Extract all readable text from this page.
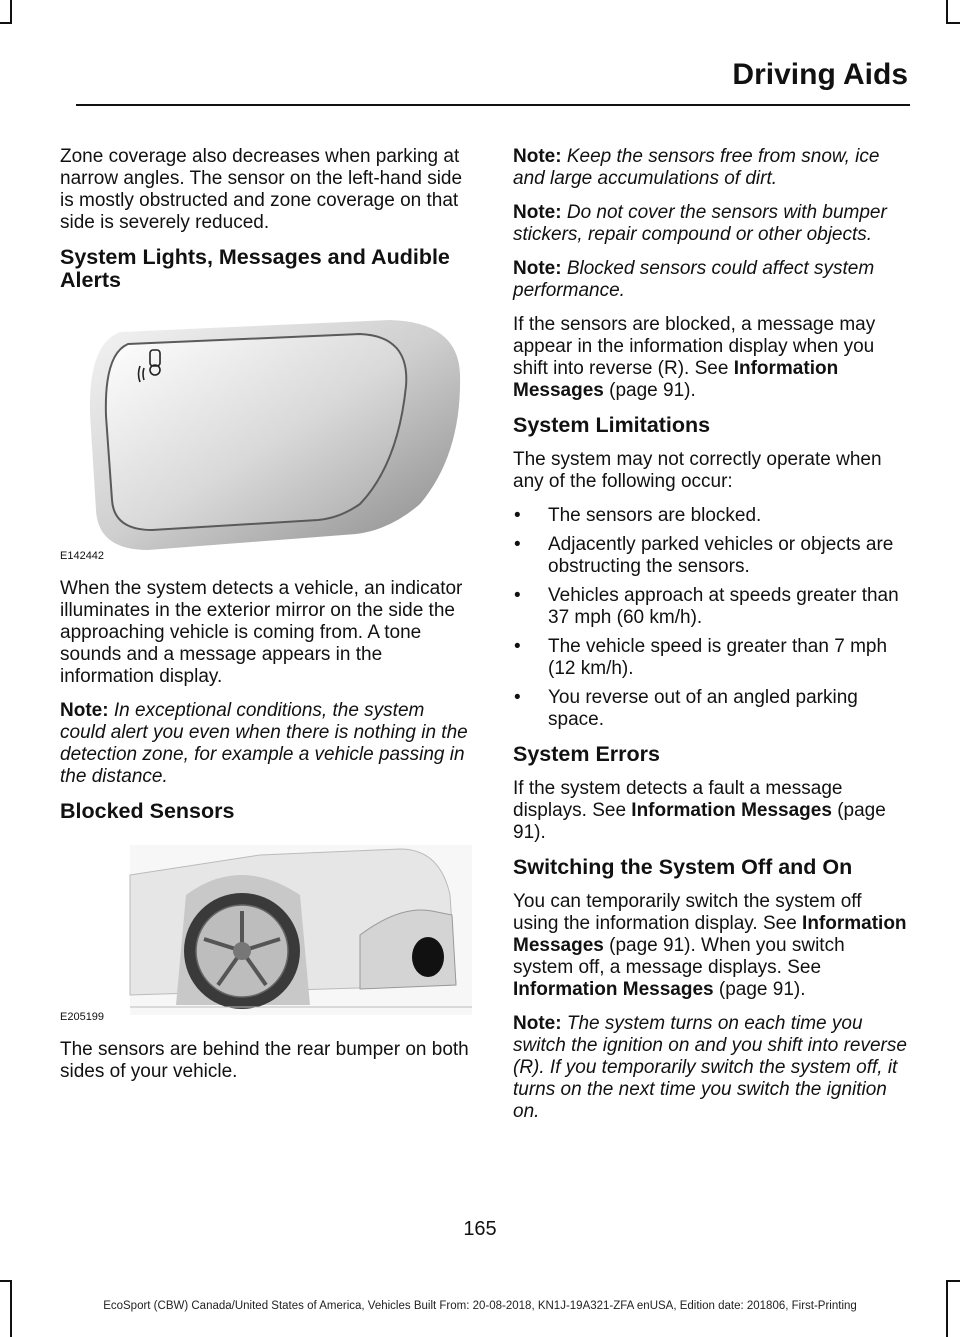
Driving Aids

Zone coverage also decreases when parking at narrow angles. The sensor on the left-hand side is mostly obstructed and zone coverage on that side is severely reduced.

System Lights, Messages and Audible Alerts
E142442

When the system detects a vehicle, an indicator illuminates in the exterior mirror on the side the approaching vehicle is coming from. A tone sounds and a message appears in the information display.

Note: In exceptional conditions, the system could alert you even when there is nothing in the detection zone, for example a vehicle passing in the distance.

Blocked Sensors
E205199

The sensors are behind the rear bumper on both sides of your vehicle.

Note: Keep the sensors free from snow, ice and large accumulations of dirt.

Note: Do not cover the sensors with bumper stickers, repair compound or other objects.

Note: Blocked sensors could affect system performance.

If the sensors are blocked, a message may appear in the information display when you shift into reverse (R). See Information Messages (page 91).

System Limitations

The system may not correctly operate when any of the following occur:

• The sensors are blocked.
• Adjacently parked vehicles or objects are obstructing the sensors.
• Vehicles approach at speeds greater than 37 mph (60 km/h).
• The vehicle speed is greater than 7 mph (12 km/h).
• You reverse out of an angled parking space.
System Errors

If the system detects a fault a message displays. See Information Messages (page 91).

Switching the System Off and On

You can temporarily switch the system off using the information display. See Information Messages (page 91). When you switch system off, a message displays. See Information Messages (page 91).

Note: The system turns on each time you switch the ignition on and you shift into reverse (R). If you temporarily switch the system off, it turns on the next time you switch the ignition on.

165
EcoSport (CBW) Canada/United States of America, Vehicles Built From: 20-08-2018, KN1J-19A321-ZFA enUSA, Edition date: 201806, First-Printing
